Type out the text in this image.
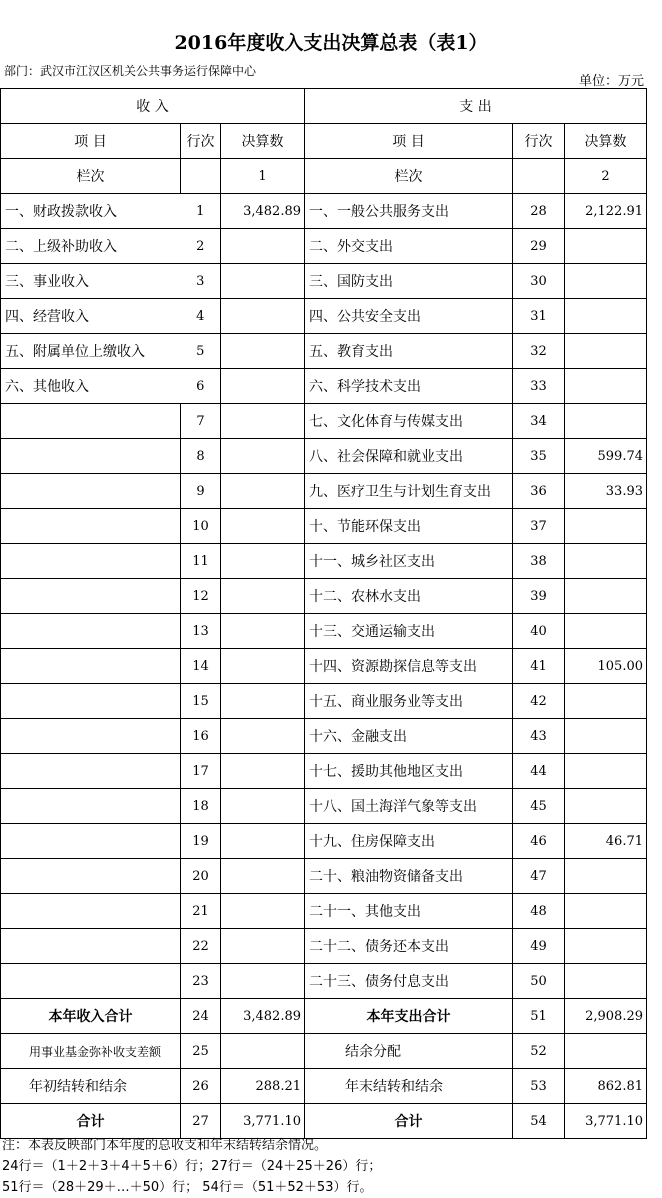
2016年度收入支出决算总表（表1）
部门：武汉市江汉区机关公共事务运行保障中心
单位：万元
收 入			支 出		
项 目	行次	决算数	项 目	行次	决算数
栏次		1	栏次		2
一、财政拨款收入	1	3,482.89	一、一般公共服务支出	28	2,122.91
二、上级补助收入	2		二、外交支出	29	
三、事业收入	3		三、国防支出	30	
四、经营收入	4		四、公共安全支出	31	
五、附属单位上缴收入	5		五、教育支出	32	
六、其他收入	6		六、科学技术支出	33	
	7		七、文化体育与传媒支出	34	
	8		八、社会保障和就业支出	35	599.74
	9		九、医疗卫生与计划生育支出	36	33.93
	10		十、节能环保支出	37	
	11		十一、城乡社区支出	38	
	12		十二、农林水支出	39	
	13		十三、交通运输支出	40	
	14		十四、资源勘探信息等支出	41	105.00
	15		十五、商业服务业等支出	42	
	16		十六、金融支出	43	
	17		十七、援助其他地区支出	44	
	18		十八、国土海洋气象等支出	45	
	19		十九、住房保障支出	46	46.71
	20		二十、粮油物资储备支出	47	
	21		二十一、其他支出	48	
	22		二十二、债务还本支出	49	
	23		二十三、债务付息支出	50	
本年收入合计	24	3,482.89	本年支出合计	51	2,908.29
用事业基金弥补收支差额	25		结余分配	52	
年初结转和结余	26	288.21	年末结转和结余	53	862.81
合计	27	3,771.10	合计	54	3,771.10
注：本表反映部门本年度的总收支和年末结转结余情况。
24行＝（1＋2＋3＋4＋5＋6）行；27行＝（24＋25＋26）行；
51行＝（28＋29＋…＋50）行； 54行＝（51＋52＋53）行。
